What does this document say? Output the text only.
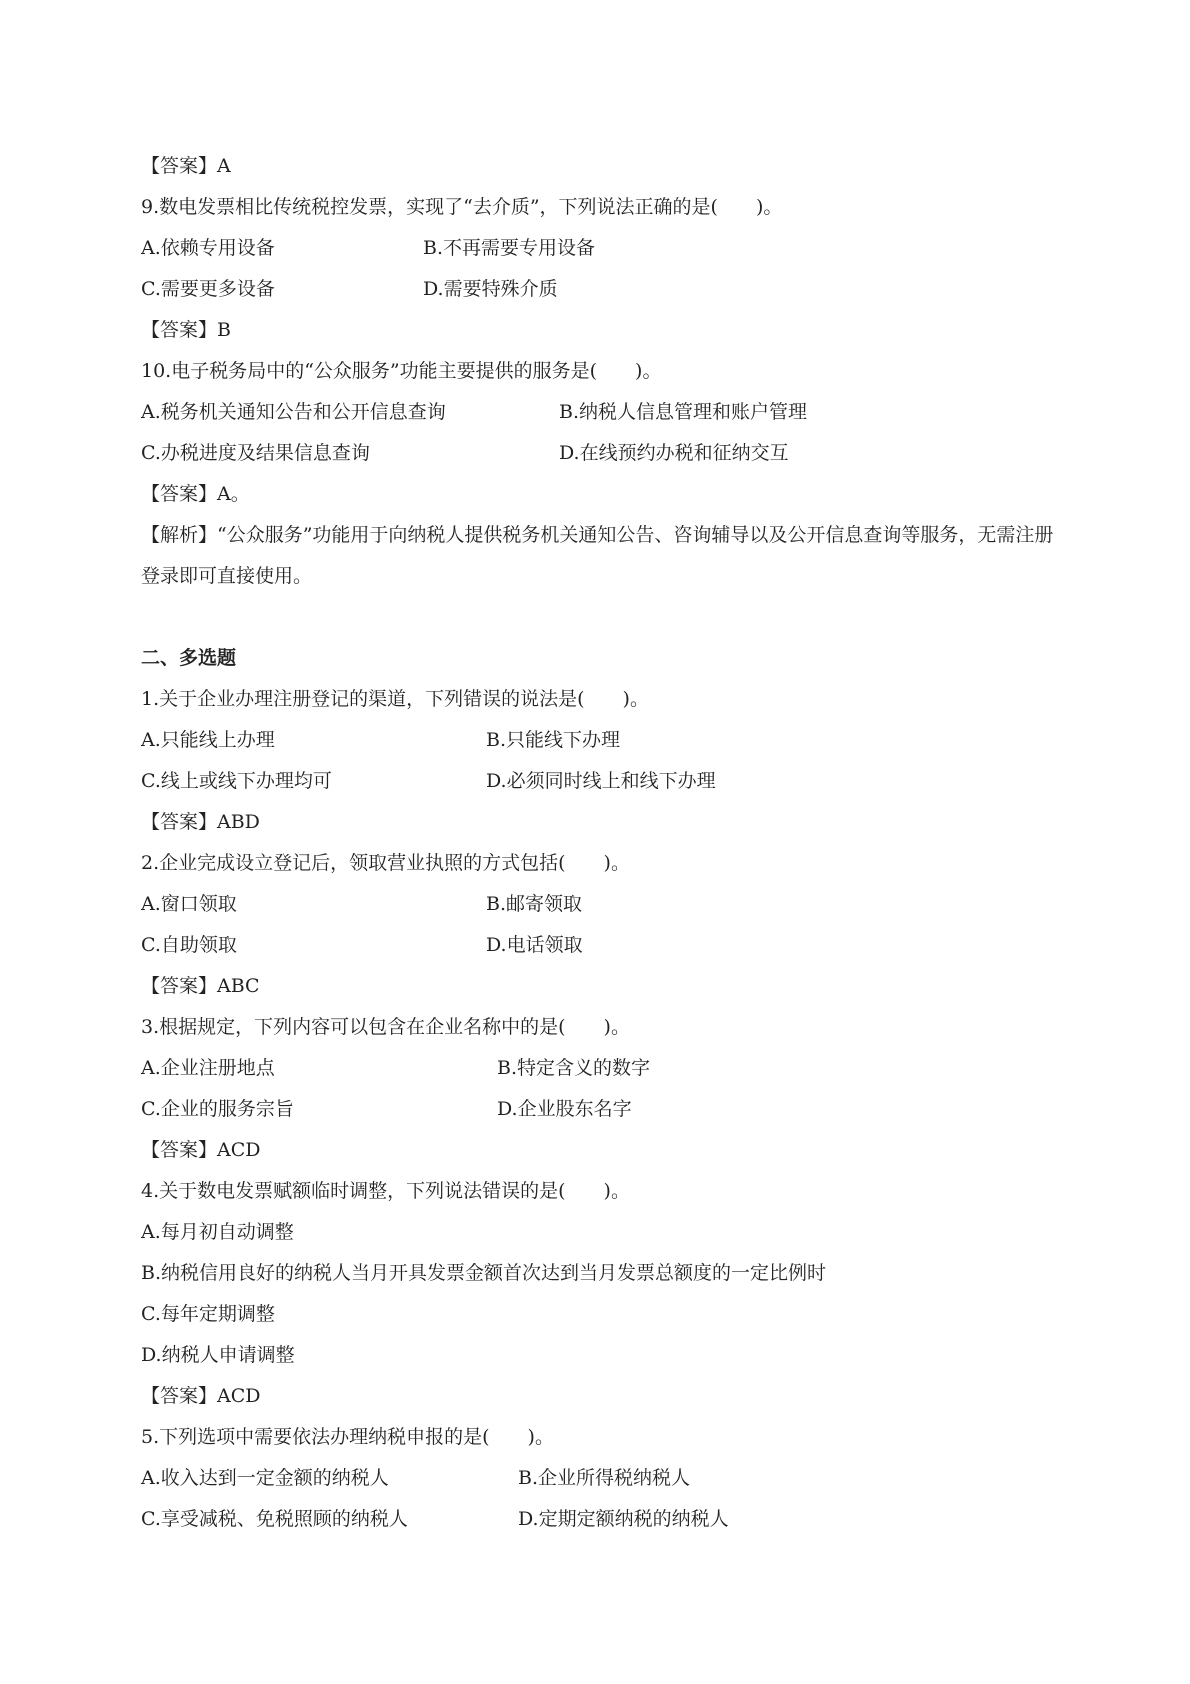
【答案】A
9.数电发票相比传统税控发票，实现了“去介质”，下列说法正确的是(　　)。
A.依赖专用设备	B.不再需要专用设备
C.需要更多设备	D.需要特殊介质
【答案】B
10.电子税务局中的“公众服务”功能主要提供的服务是(　　)。
A.税务机关通知公告和公开信息查询	B.纳税人信息管理和账户管理
C.办税进度及结果信息查询	D.在线预约办税和征纳交互
【答案】A。
【解析】“公众服务”功能用于向纳税人提供税务机关通知公告、咨询辅导以及公开信息查询等服务，无需注册登录即可直接使用。
二、多选题
1.关于企业办理注册登记的渠道，下列错误的说法是(　　)。
A.只能线上办理	B.只能线下办理
C.线上或线下办理均可	D.必须同时线上和线下办理
【答案】ABD
2.企业完成设立登记后，领取营业执照的方式包括(　　)。
A.窗口领取	B.邮寄领取
C.自助领取	D.电话领取
【答案】ABC
3.根据规定，下列内容可以包含在企业名称中的是(　　)。
A.企业注册地点	B.特定含义的数字
C.企业的服务宗旨	D.企业股东名字
【答案】ACD
4.关于数电发票赋额临时调整，下列说法错误的是(　　)。
A.每月初自动调整
B.纳税信用良好的纳税人当月开具发票金额首次达到当月发票总额度的一定比例时
C.每年定期调整
D.纳税人申请调整
【答案】ACD
5.下列选项中需要依法办理纳税申报的是(　　)。
A.收入达到一定金额的纳税人	B.企业所得税纳税人
C.享受减税、免税照顾的纳税人	D.定期定额纳税的纳税人
